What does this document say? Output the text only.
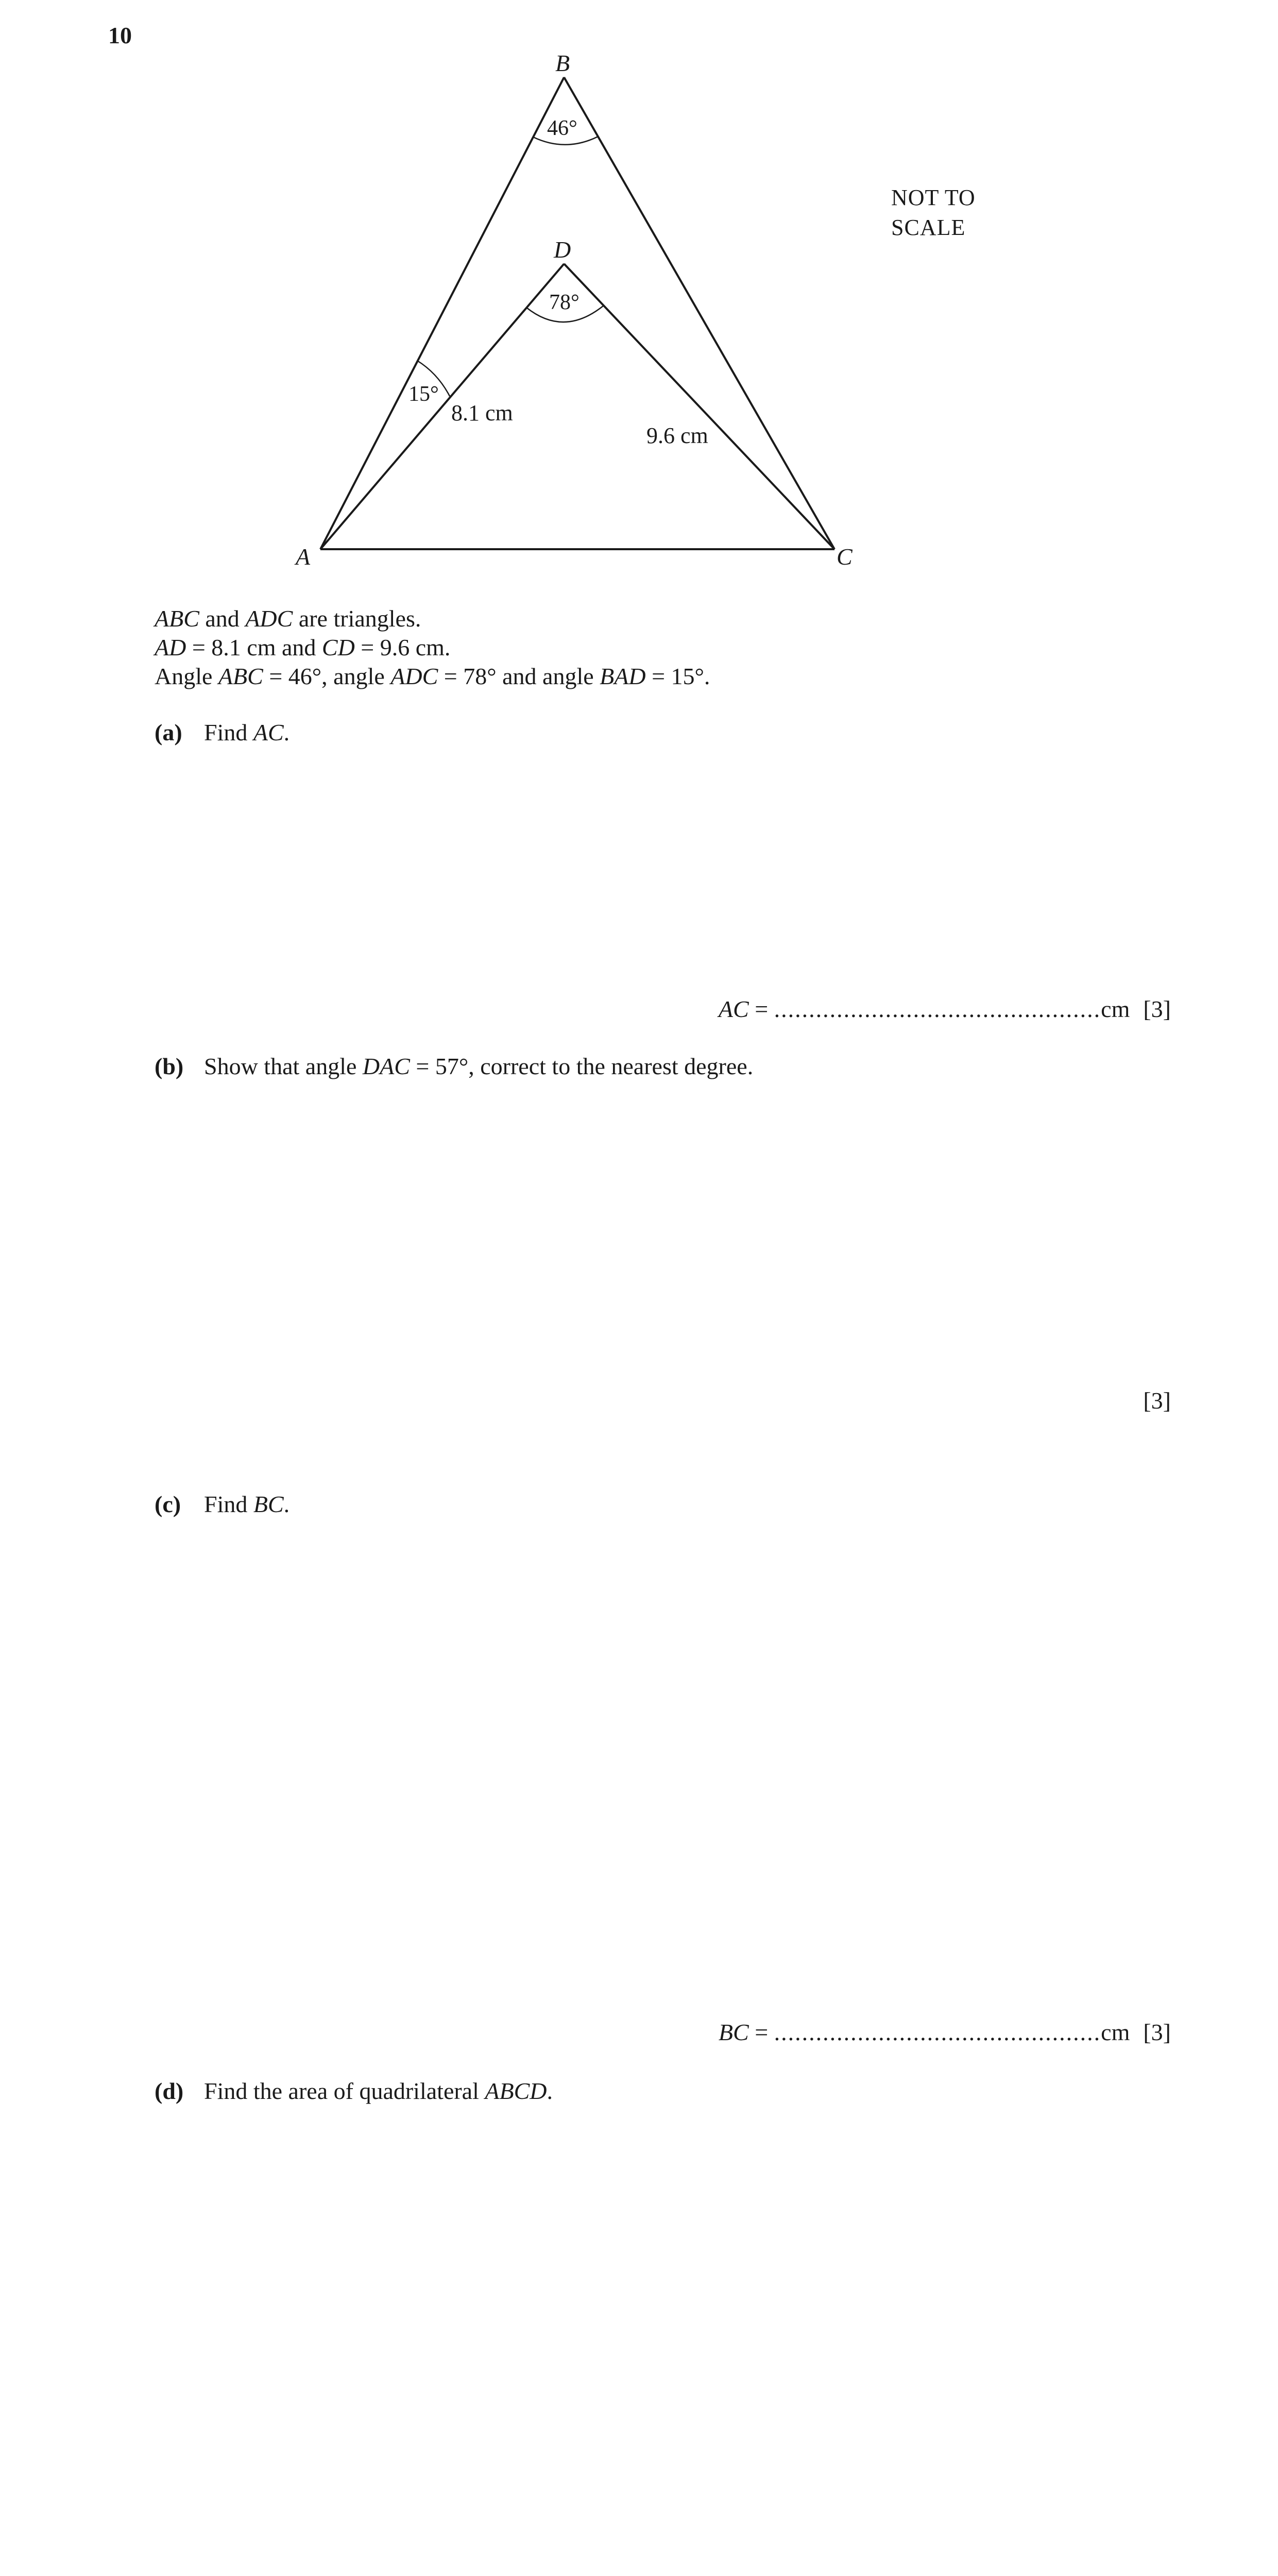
10
B
D
A	C
46°
78°
15°
8.1 cm
9.6 cm
NOT TO
SCALE
ABC and ADC are triangles.
AD = 8.1 cm and CD = 9.6 cm.
Angle ABC = 46°, angle ADC = 78° and angle BAD = 15°.
(a) Find AC.
AC = ...............................................cm [3]
(b) Show that angle DAC = 57°, correct to the nearest degree.
[3]
(c) Find BC.
BC = ...............................................cm [3]
(d) Find the area of quadrilateral ABCD.
